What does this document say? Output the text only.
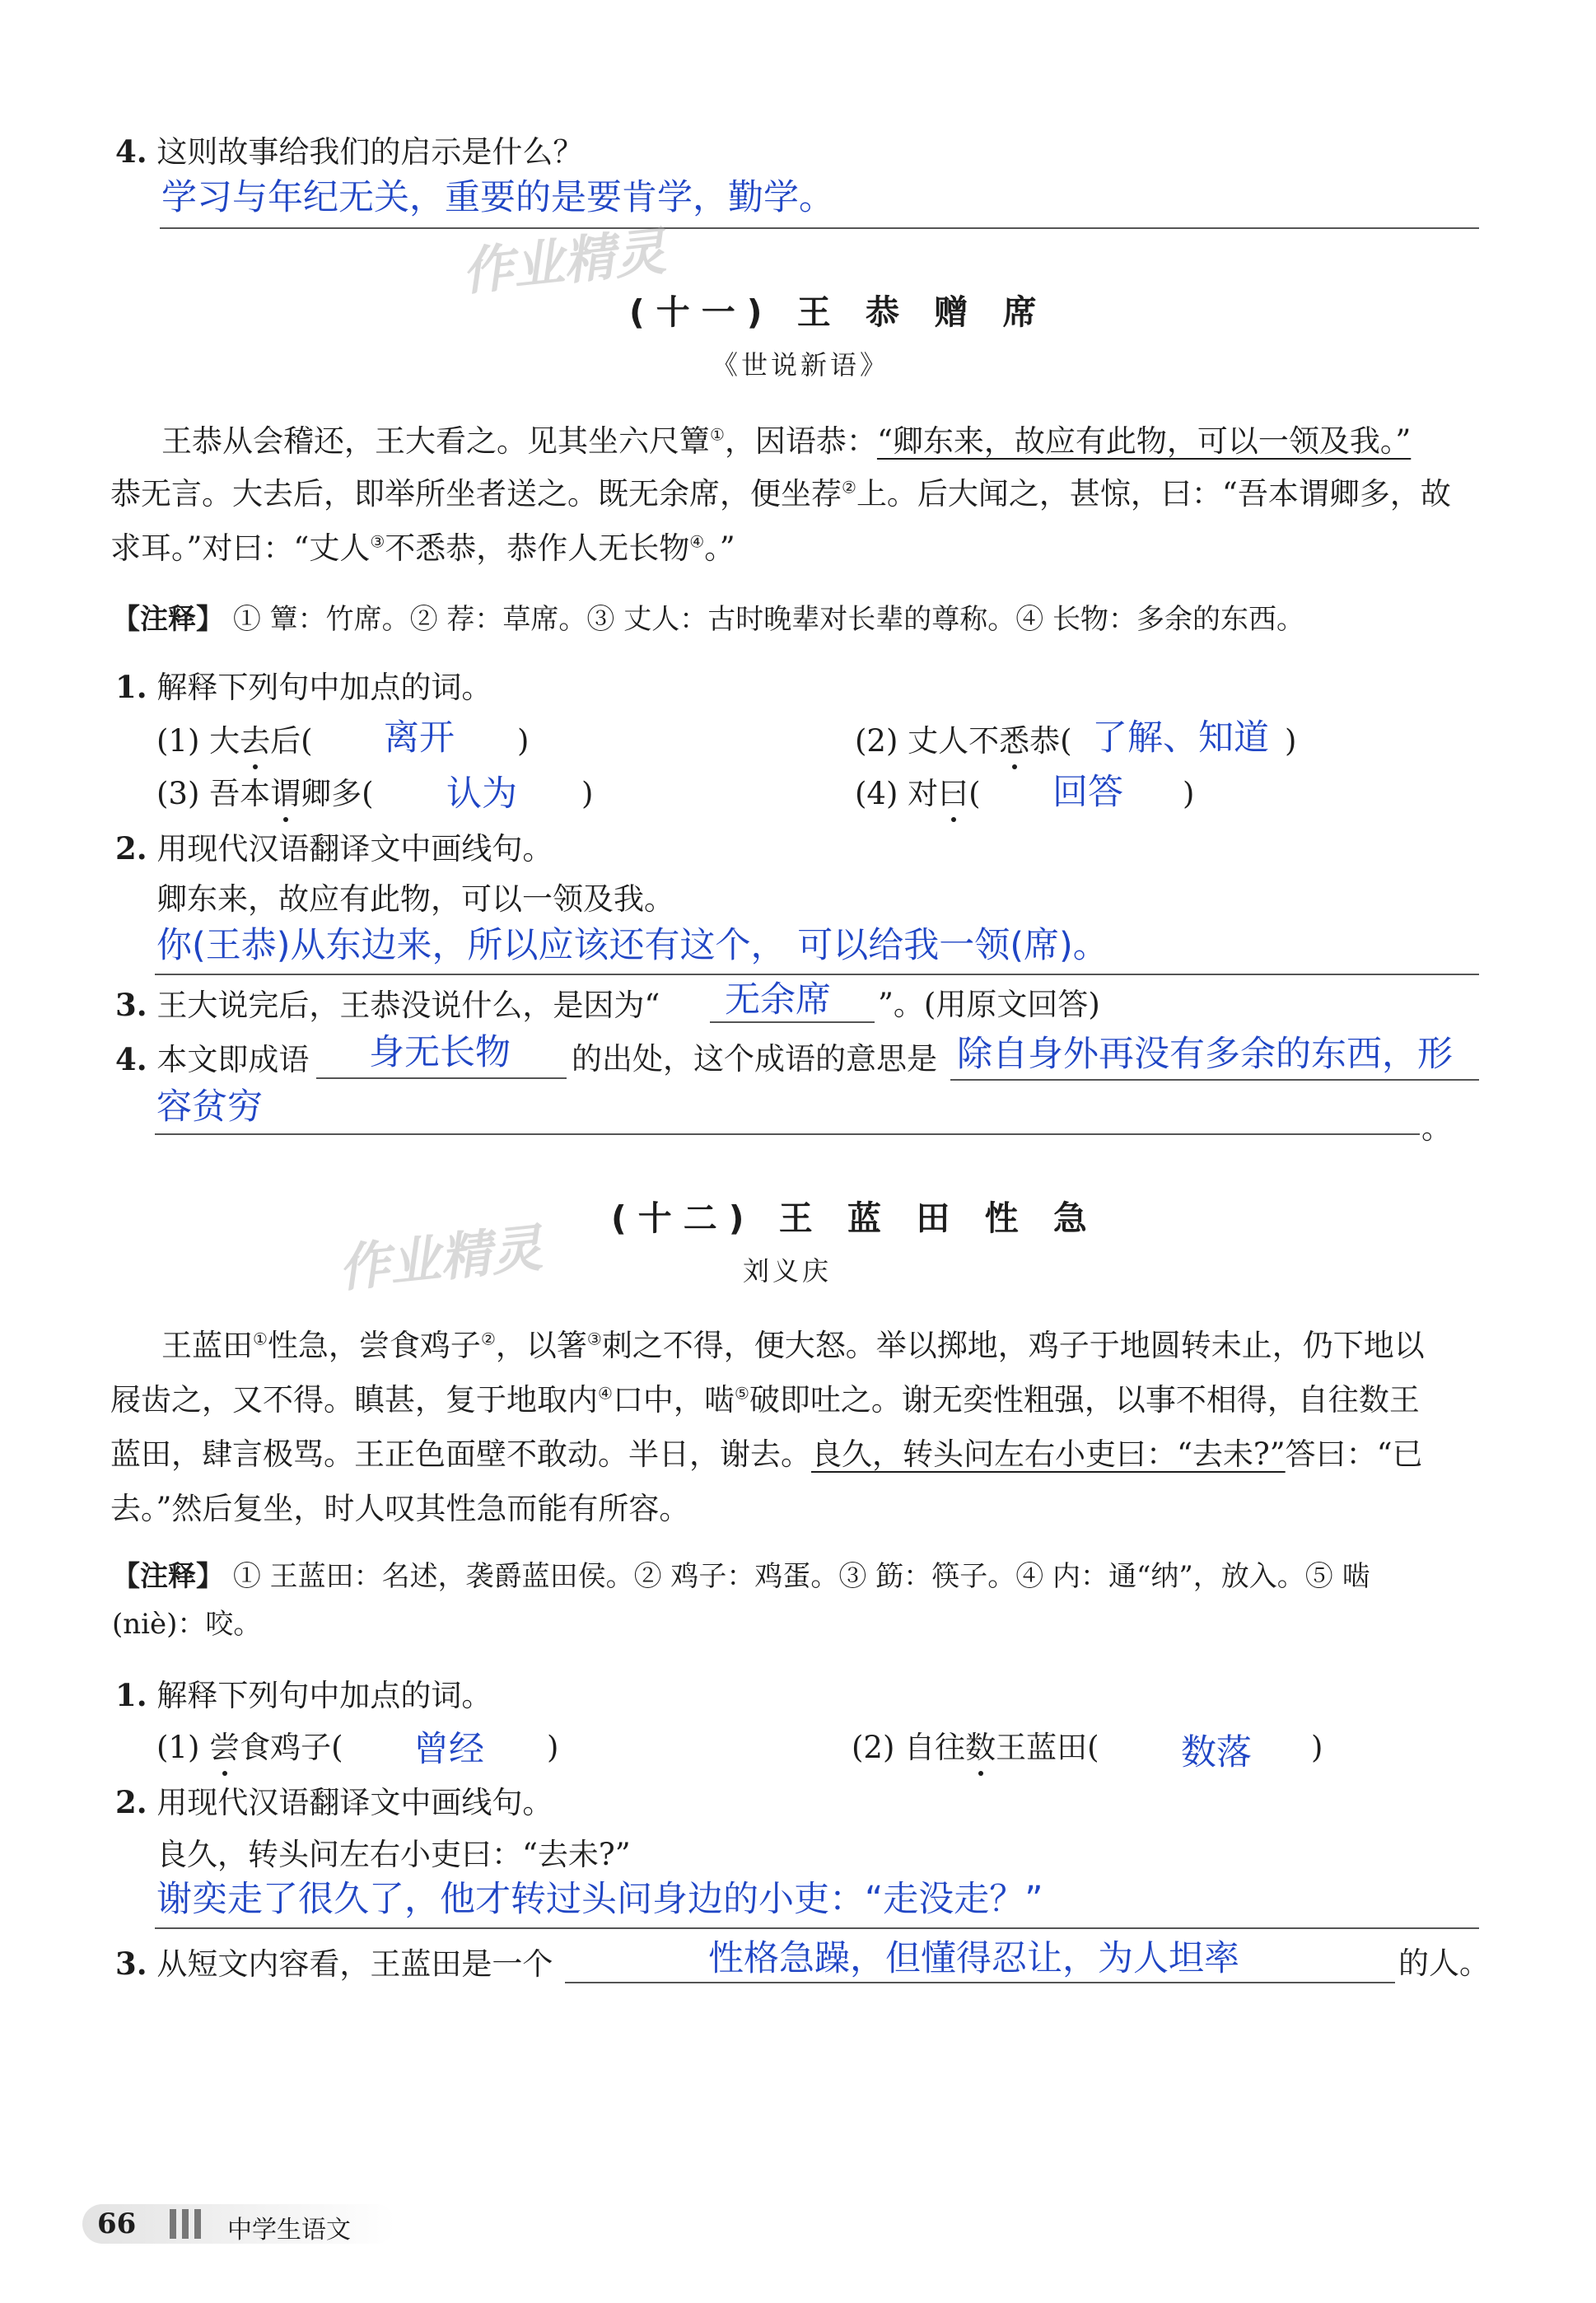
4. 这则故事给我们的启示是什么？
学习与年纪无关，重要的是要肯学，勤学。
作业精灵
(十一) 王 恭 赠 席
《世说新语》
王恭从会稽还，王大看之。见其坐六尺簟①，因语恭：“卿东来，故应有此物，可以一领及我。”
恭无言。大去后，即举所坐者送之。既无余席，便坐荐②上。后大闻之，甚惊，曰：“吾本谓卿多，故
求耳。”对曰：“丈人③不悉恭，恭作人无长物④。”
【注释】 ① 簟：竹席。② 荐：草席。③ 丈人：古时晚辈对长辈的尊称。④ 长物：多余的东西。
1. 解释下列句中加点的词。
(1) 大去后( 离开 )	(2) 丈人不悉恭( 了解、知道 )
(3) 吾本谓卿多( 认为 )	(4) 对曰( 回答 )
2. 用现代汉语翻译文中画线句。
卿东来，故应有此物，可以一领及我。
你(王恭)从东边来，所以应该还有这个， 可以给我一领(席)。
3. 王大说完后，王恭没说什么，是因为“ 无余席 ”。(用原文回答)
4. 本文即成语 身无长物 的出处，这个成语的意思是 除自身外再没有多余的东西，形
容贫穷
。
作业精灵 (十二) 王 蓝 田 性 急
刘义庆
王蓝田①性急，尝食鸡子②，以箸③刺之不得，便大怒。举以掷地，鸡子于地圆转未止，仍下地以
屐齿之，又不得。瞋甚，复于地取内④口中，啮⑤破即吐之。谢无奕性粗强，以事不相得，自往数王
蓝田，肆言极骂。王正色面壁不敢动。半日，谢去。良久，转头问左右小吏曰：“去未?”答曰：“已
去。”然后复坐，时人叹其性急而能有所容。
【注释】 ① 王蓝田：名述，袭爵蓝田侯。② 鸡子：鸡蛋。③ 筯：筷子。④ 内：通“纳”，放入。⑤ 啮
(niè)：咬。
1. 解释下列句中加点的词。
(1) 尝食鸡子( 曾经 )	(2) 自往数王蓝田( 数落 )
2. 用现代汉语翻译文中画线句。
良久，转头问左右小吏曰：“去未?”
谢奕走了很久了，他才转过头问身边的小吏：“走没走？”
3. 从短文内容看，王蓝田是一个	性格急躁，但懂得忍让，为人坦率	的人。
66	中学生语文
